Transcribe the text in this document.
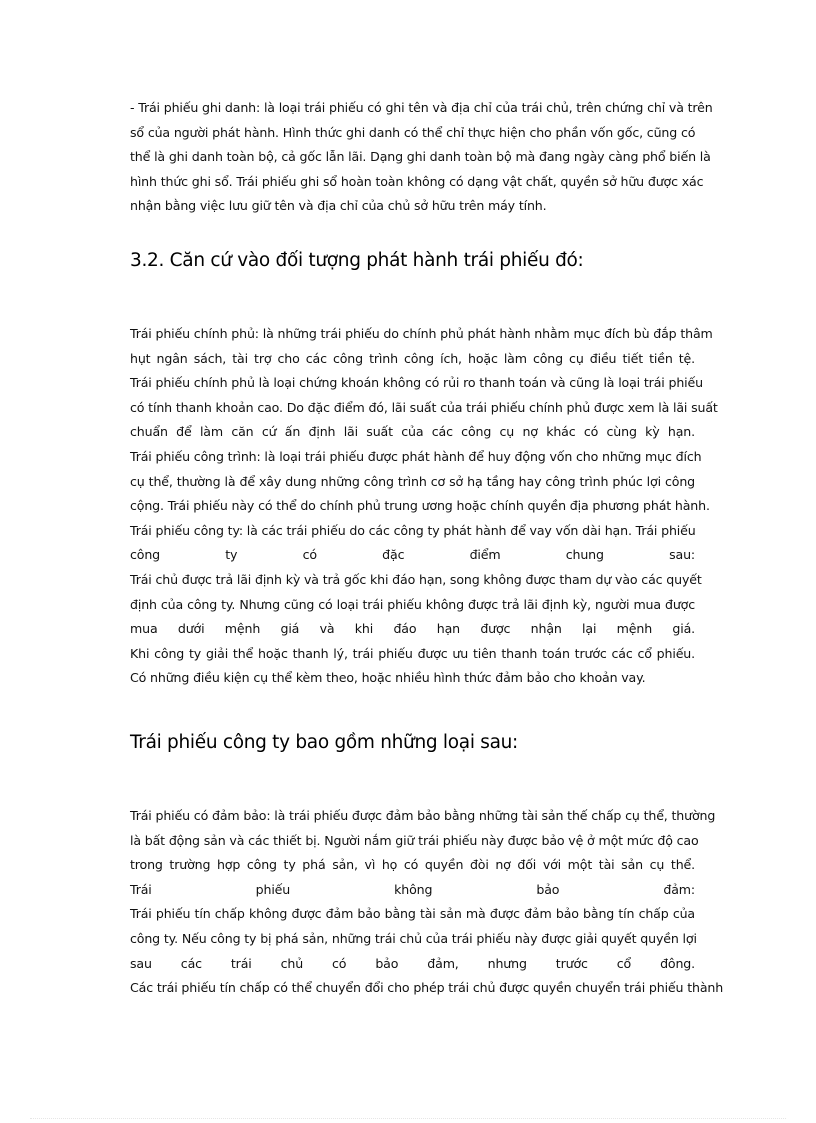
- Trái phiếu ghi danh: là loại trái phiếu có ghi tên và địa chỉ của trái chủ, trên chứng chỉ và trên
sổ của người phát hành. Hình thức ghi danh có thể chỉ thực hiện cho phần vốn gốc, cũng có
thể là ghi danh toàn bộ, cả gốc lẫn lãi. Dạng ghi danh toàn bộ mà đang ngày càng phổ biến là
hình thức ghi sổ. Trái phiếu ghi sổ hoàn toàn không có dạng vật chất, quyền sở hữu được xác
nhận bằng việc lưu giữ tên và địa chỉ của chủ sở hữu trên máy tính.
3.2. Căn cứ vào đối tượng phát hành trái phiếu đó:
Trái phiếu chính phủ: là những trái phiếu do chính phủ phát hành nhằm mục đích bù đắp thâm
hụt ngân sách, tài trợ cho các công trình công ích, hoặc làm công cụ điều tiết tiền tệ.
Trái phiếu chính phủ là loại chứng khoán không có rủi ro thanh toán và cũng là loại trái phiếu
có tính thanh khoản cao. Do đặc điểm đó, lãi suất của trái phiếu chính phủ được xem là lãi suất
chuẩn để làm căn cứ ấn định lãi suất của các công cụ nợ khác có cùng kỳ hạn.
Trái phiếu công trình: là loại trái phiếu được phát hành để huy động vốn cho những mục đích
cụ thể, thường là để xây dung những công trình cơ sở hạ tầng hay công trình phúc lợi công
cộng. Trái phiếu này có thể do chính phủ trung ương hoặc chính quyền địa phương phát hành.
Trái phiếu công ty: là các trái phiếu do các công ty phát hành để vay vốn dài hạn. Trái phiếu
công ty có đặc điểm chung sau:
Trái chủ được trả lãi định kỳ và trả gốc khi đáo hạn, song không được tham dự vào các quyết
định của công ty. Nhưng cũng có loại trái phiếu không được trả lãi định kỳ, người mua được
mua dưới mệnh giá và khi đáo hạn được nhận lại mệnh giá.
Khi công ty giải thể hoặc thanh lý, trái phiếu được ưu tiên thanh toán trước các cổ phiếu.
Có những điều kiện cụ thể kèm theo, hoặc nhiều hình thức đảm bảo cho khoản vay.
Trái phiếu công ty bao gồm những loại sau:
Trái phiếu có đảm bảo: là trái phiếu được đảm bảo bằng những tài sản thế chấp cụ thể, thường
là bất động sản và các thiết bị. Người nắm giữ trái phiếu này được bảo vệ ở một mức độ cao
trong trường hợp công ty phá sản, vì họ có quyền đòi nợ đối với một tài sản cụ thể.
Trái phiếu không bảo đảm:
Trái phiếu tín chấp không được đảm bảo bằng tài sản mà được đảm bảo bằng tín chấp của
công ty. Nếu công ty bị phá sản, những trái chủ của trái phiếu này được giải quyết quyền lợi
sau các trái chủ có bảo đảm, nhưng trước cổ đông.
Các trái phiếu tín chấp có thể chuyển đổi cho phép trái chủ được quyền chuyển trái phiếu thành
